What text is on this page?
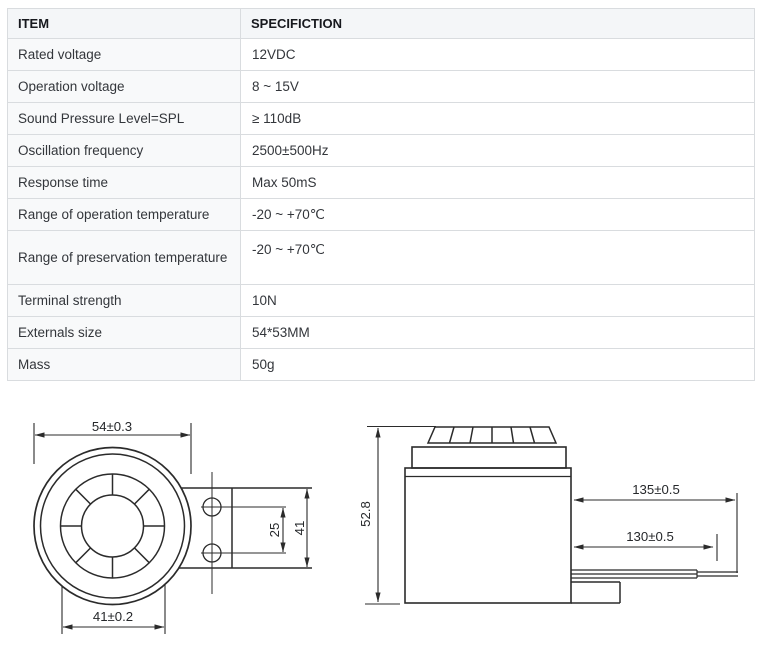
ITEM	SPECIFICTION
Rated voltage	12VDC
Operation voltage	8 ~ 15V
Sound Pressure Level=SPL	≥ 110dB
Oscillation frequency	2500±500Hz
Response time	Max 50mS
Range of operation temperature	-20 ~ +70℃
Range of preservation temperature	-20 ~ +70℃
Terminal strength	10N
Externals size	54*53MM
Mass	50g
54±0.3
41±0.2
25 41
52.8
135±0.5
130±0.5
